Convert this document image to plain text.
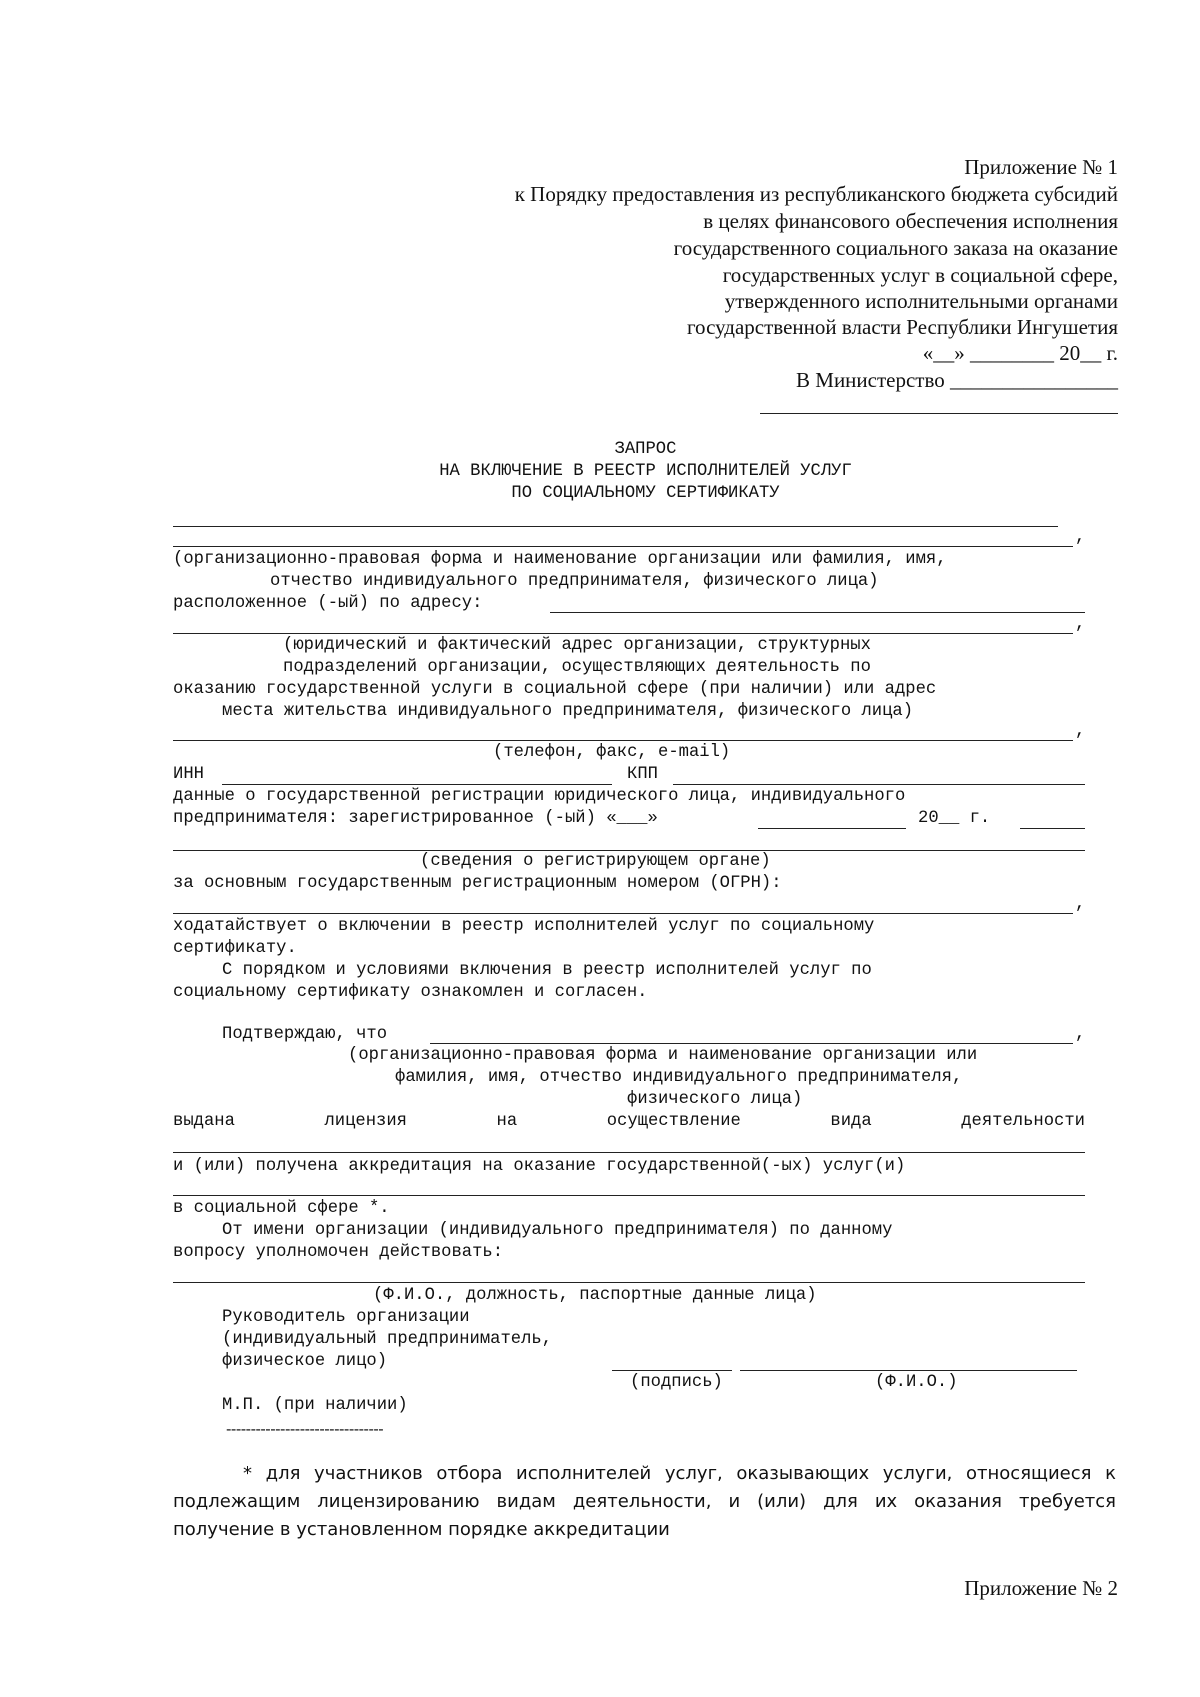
Приложение № 1
к Порядку предоставления из республиканского бюджета субсидий
в целях финансового обеспечения исполнения
государственного социального заказа на оказание
государственных услуг в социальной сфере,
утвержденного исполнительными органами
государственной власти Республики Ингушетия
«__» ________ 20__ г.
В Министерство ________________
ЗАПРОС
НА ВКЛЮЧЕНИЕ В РЕЕСТР ИСПОЛНИТЕЛЕЙ УСЛУГ
ПО СОЦИАЛЬНОМУ СЕРТИФИКАТУ
,
(организационно-правовая форма и наименование организации или фамилия, имя,
отчество индивидуального предпринимателя, физического лица)
расположенное (-ый) по адресу:
,
(юридический и фактический адрес организации, структурных
подразделений организации, осуществляющих деятельность по
оказанию государственной услуги в социальной сфере (при наличии) или адрес
места жительства индивидуального предпринимателя, физического лица)
,
(телефон, факс, e-mail)
ИНН	КПП
данные о государственной регистрации юридического лица, индивидуального
предпринимателя: зарегистрированное (-ый) «___»	20__ г.
(сведения о регистрирующем органе)
за основным государственным регистрационным номером (ОГРН):
,
ходатайствует о включении в реестр исполнителей услуг по социальному
сертификату.
С порядком и условиями включения в реестр исполнителей услуг по
социальному сертификату ознакомлен и согласен.
Подтверждаю, что	,
(организационно-правовая форма и наименование организации или
фамилия, имя, отчество индивидуального предпринимателя,
физического лица)
выдана	лицензия	на	осуществление	вида	деятельности
и (или) получена аккредитация на оказание государственной(-ых) услуг(и)
в социальной сфере *.
От имени организации (индивидуального предпринимателя) по данному
вопросу уполномочен действовать:
(Ф.И.О., должность, паспортные данные лица)
Руководитель организации
(индивидуальный предприниматель,
физическое лицо)
(подпись)	(Ф.И.О.)
М.П. (при наличии)
--------------------------------
* для участников отбора исполнителей услуг, оказывающих услуги, относящиеся к подлежащим лицензированию видам деятельности, и (или) для их оказания требуется получение в установленном порядке аккредитации
Приложение № 2
